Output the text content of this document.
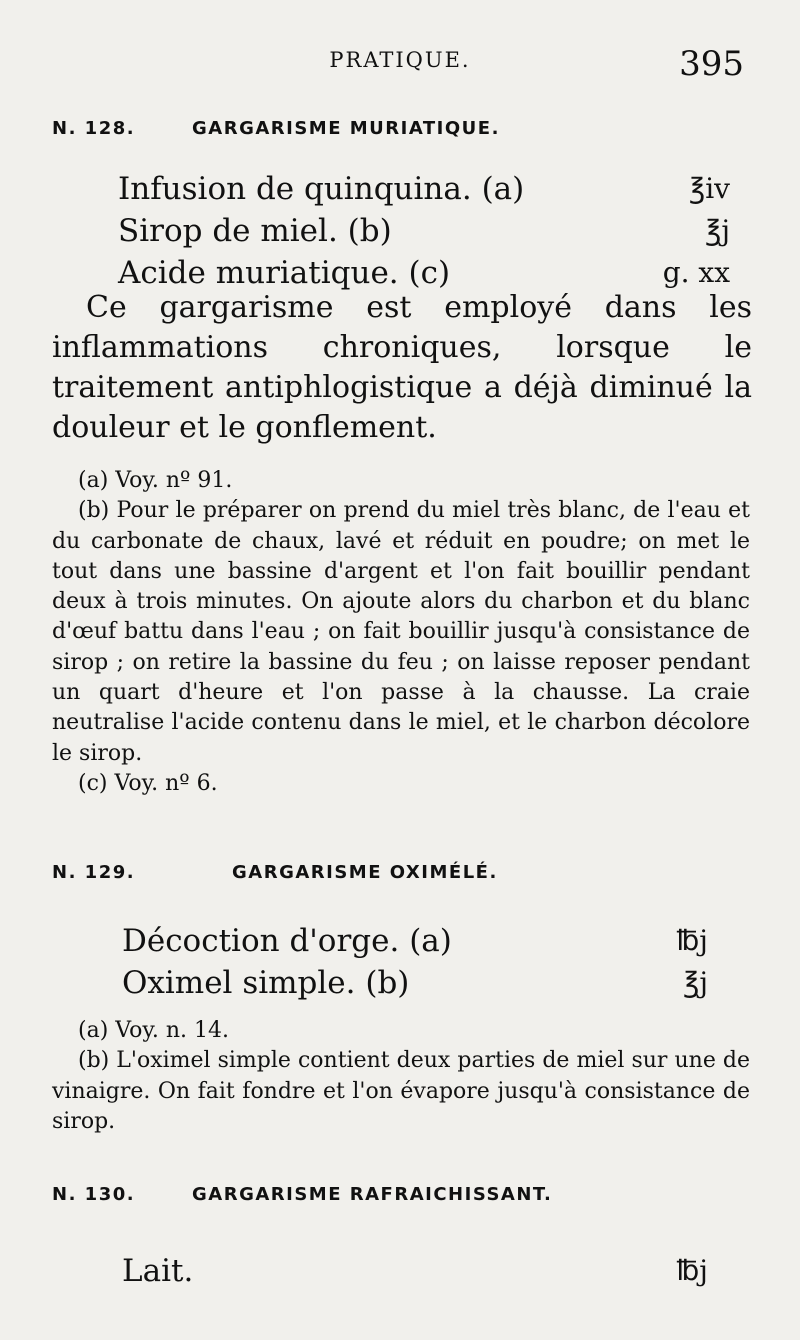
PRATIQUE.	395
N. 128.	GARGARISME MURIATIQUE.
Infusion de quinquina. (a)	℥iv
Sirop de miel. (b)	℥j
Acide muriatique. (c)	g. xx
Ce gargarisme est employé dans les inflammations chroniques, lorsque le traitement antiphlogistique a déjà diminué la douleur et le gonflement.

(a) Voy. nº 91.

(b) Pour le préparer on prend du miel très blanc, de l'eau et du carbonate de chaux, lavé et réduit en poudre; on met le tout dans une bassine d'argent et l'on fait bouillir pendant deux à trois minutes. On ajoute alors du charbon et du blanc d'œuf battu dans l'eau ; on fait bouillir jusqu'à consistance de sirop ; on retire la bassine du feu ; on laisse reposer pendant un quart d'heure et l'on passe à la chausse. La craie neutralise l'acide contenu dans le miel, et le charbon décolore le sirop.

(c) Voy. nº 6.

N. 129.	GARGARISME OXIMÉLÉ.
Décoction d'orge. (a)	℔j
Oximel simple. (b)	℥j

(a) Voy. n. 14.

(b) L'oximel simple contient deux parties de miel sur une de vinaigre. On fait fondre et l'on évapore jusqu'à consistance de sirop.

N. 130.	GARGARISME RAFRAICHISSANT.
Lait.	℔j
